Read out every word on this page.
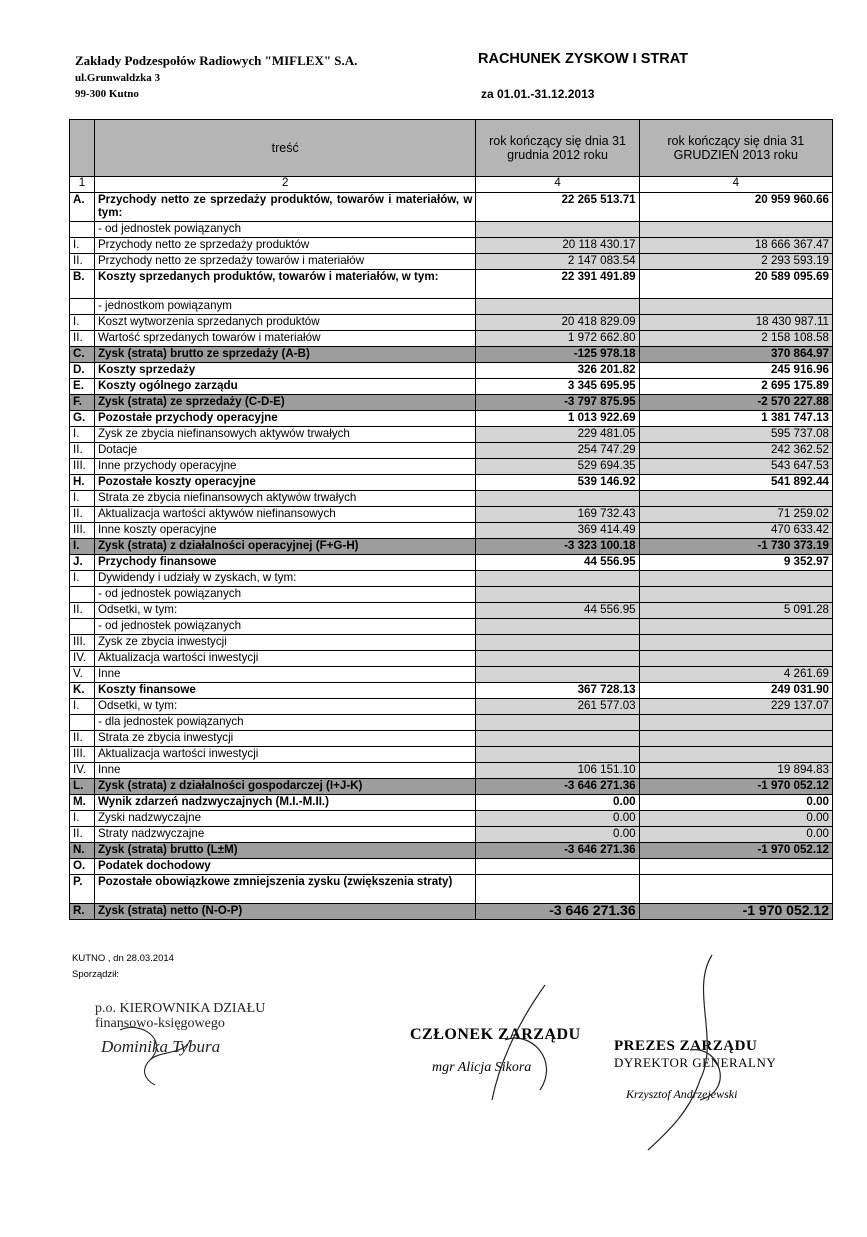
Zakłady Podzespołów Radiowych "MIFLEX" S.A.
ul.Grunwaldzka 3
99-300 Kutno
RACHUNEK ZYSKOW I STRAT
za 01.01.-31.12.2013
	treść	rok kończący się dnia 31 grudnia 2012 roku	rok kończący się dnia 31 GRUDZIEŃ 2013 roku
1	2	4	4
A.	Przychody netto ze sprzedaży produktów, towarów i materiałów, w tym:	22 265 513.71	20 959 960.66
	- od jednostek powiązanych		
I.	Przychody netto ze sprzedaży produktów	20 118 430.17	18 666 367.47
II.	Przychody netto ze sprzedaży towarów i materiałów	2 147 083.54	2 293 593.19
B.	Koszty sprzedanych produktów, towarów i materiałów, w tym:	22 391 491.89	20 589 095.69
	- jednostkom powiązanym		
I.	Koszt wytworzenia sprzedanych produktów	20 418 829.09	18 430 987.11
II.	Wartość sprzedanych towarów i materiałów	1 972 662.80	2 158 108.58
C.	Zysk (strata) brutto ze sprzedaży (A-B)	-125 978.18	370 864.97
D.	Koszty sprzedaży	326 201.82	245 916.96
E.	Koszty ogólnego zarządu	3 345 695.95	2 695 175.89
F.	Zysk (strata) ze sprzedaży (C-D-E)	-3 797 875.95	-2 570 227.88
G.	Pozostałe przychody operacyjne	1 013 922.69	1 381 747.13
I.	Zysk ze zbycia niefinansowych aktywów trwałych	229 481.05	595 737.08
II.	Dotacje	254 747.29	242 362.52
III.	Inne przychody operacyjne	529 694.35	543 647.53
H.	Pozostałe koszty operacyjne	539 146.92	541 892.44
I.	Strata ze zbycia niefinansowych aktywów trwałych		
II.	Aktualizacja wartości aktywów niefinansowych	169 732.43	71 259.02
III.	Inne koszty operacyjne	369 414.49	470 633.42
I.	Zysk (strata) z działalności operacyjnej (F+G-H)	-3 323 100.18	-1 730 373.19
J.	Przychody finansowe	44 556.95	9 352.97
I.	Dywidendy i udziały w zyskach, w tym:		
	- od jednostek powiązanych		
II.	Odsetki, w tym:	44 556.95	5 091.28
	- od jednostek powiązanych		
III.	Zysk ze zbycia inwestycji		
IV.	Aktualizacja wartości inwestycji		
V.	Inne		4 261.69
K.	Koszty finansowe	367 728.13	249 031.90
I.	Odsetki, w tym:	261 577.03	229 137.07
	- dla jednostek powiązanych		
II.	Strata ze zbycia inwestycji		
III.	Aktualizacja wartości inwestycji		
IV.	Inne	106 151.10	19 894.83
L.	Zysk (strata) z działalności gospodarczej (I+J-K)	-3 646 271.36	-1 970 052.12
M.	Wynik zdarzeń nadzwyczajnych (M.I.-M.II.)	0.00	0.00
I.	Zyski nadzwyczajne	0.00	0.00
II.	Straty nadzwyczajne	0.00	0.00
N.	Zysk (strata) brutto (L±M)	-3 646 271.36	-1 970 052.12
O.	Podatek dochodowy		
P.	Pozostałe obowiązkowe zmniejszenia zysku (zwiększenia straty)		
R.	Zysk (strata) netto (N-O-P)	-3 646 271.36	-1 970 052.12
KUTNO , dn 28.03.2014
Sporządził:
p.o. KIEROWNIKA DZIAŁU
finansowo-księgowego
Dominika Tybura
CZŁONEK ZARZĄDU
mgr Alicja Sikora
PREZES ZARZĄDU
DYREKTOR GENERALNY
Krzysztof Andrzejewski
